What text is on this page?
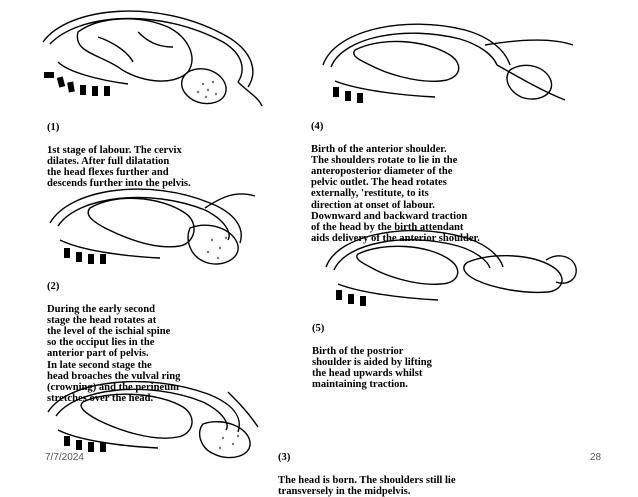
(1)

1st stage of labour. The cervix
dilates. After full dilatation
the head flexes further and
descends further into the pelvis.

(2)

During the early second
stage the head rotates at
the level of the ischial spine
so the occiput lies in the
anterior part of pelvis.
In late second stage the
head broaches the vulval ring
(crowning) and the perineum
stretches over the head.

(3)

The head is born. The shoulders still lie
transversely in the midpelvis.

(4)

Birth of the anterior shoulder.
The shoulders rotate to lie in the
anteroposterior diameter of the
pelvic outlet. The head rotates
externally, 'restitute, to its
direction at onset of labour.
Downward and backward traction
of the head by the birth attendant
aids delivery of the anterior shoulder.

(5)

Birth of the postrior
shoulder is aided by lifting
the head upwards whilst
maintaining traction.

7/7/2024	28
